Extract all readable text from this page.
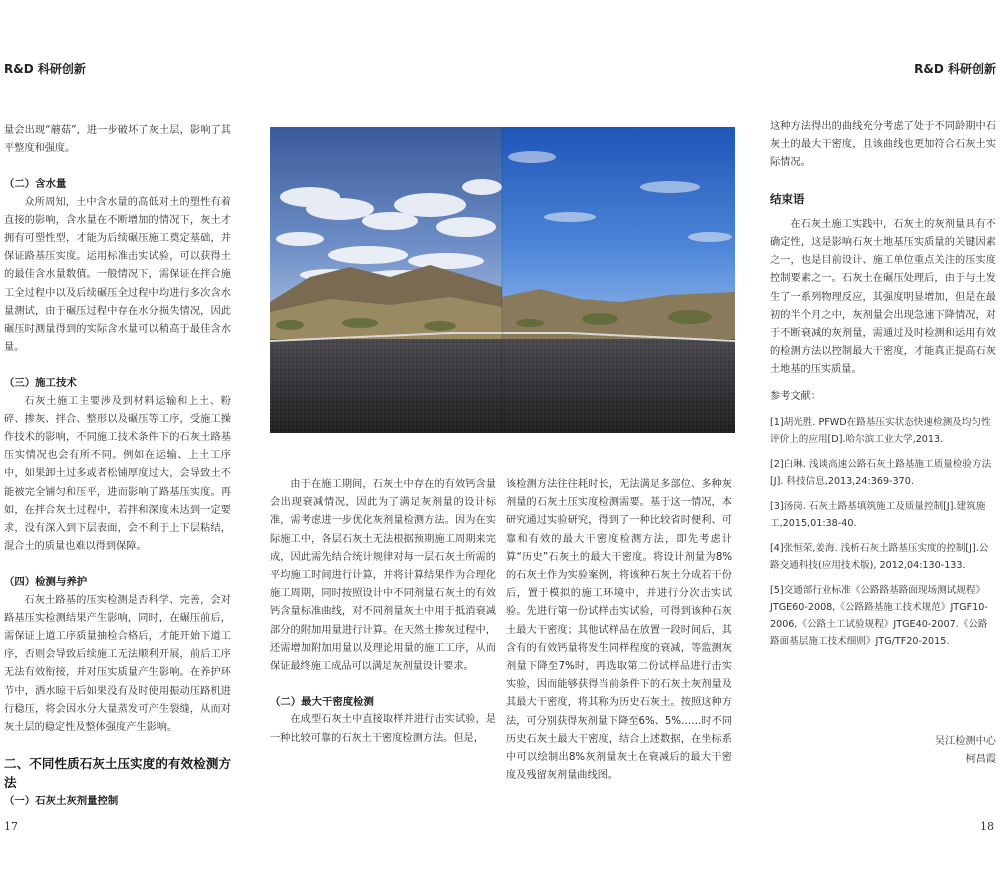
R&D 科研创新	R&D 科研创新

量会出现“蘑菇”，进一步破坏了灰土层，影响了其平整度和强度。

（二）含水量

众所周知，土中含水量的高低对土的塑性有着直接的影响，含水量在不断增加的情况下，灰土才拥有可塑性型，才能为后续碾压施工奠定基础，并保证路基压实度。运用标准击实试验，可以获得土的最佳含水量数值。一般情况下，需保证在拌合施工全过程中以及后续碾压全过程中均进行多次含水量测试，由于碾压过程中存在水分损失情况，因此碾压时测量得到的实际含水量可以稍高于最佳含水量。

（三）施工技术

石灰土施工主要涉及到材料运输和上土、粉碎、掺灰、拌合、整形以及碾压等工序，受施工操作技术的影响，不同施工技术条件下的石灰土路基压实情况也会有所不同。例如在运输、上土工序中，如果卸土过多或者松铺厚度过大，会导致土不能被完全铺匀和压平，进而影响了路基压实度。再如，在拌合灰土过程中，若拌和深度未达到一定要求，没有深入到下层表面，会不利于上下层粘结，混合土的质量也难以得到保障。

（四）检测与养护

石灰土路基的压实检测是否科学、完善，会对路基压实检测结果产生影响，同时，在碾压前后，需保证上道工序质量抽检合格后，才能开始下道工序，否则会导致后续施工无法顺利开展，前后工序无法有效衔接，并对压实质量产生影响。在养护环节中，洒水晾干后如果没有及时使用振动压路机进行稳压，将会因水分大量蒸发可产生裂缝，从而对灰土层的稳定性及整体强度产生影响。

二、不同性质石灰土压实度的有效检测方法

（一）石灰土灰剂量控制

由于在施工期间，石灰土中存在的有效钙含量会出现衰减情况，因此为了满足灰剂量的设计标准，需考虑进一步优化灰剂量检测方法。因为在实际施工中，各层石灰土无法根据预期施工周期来完成，因此需先结合统计规律对每一层石灰土所需的平均施工时间进行计算，并将计算结果作为合理化施工周期，同时按照设计中不同剂量石灰土的有效钙含量标准曲线，对不同剂量灰土中用于抵消衰减部分的附加用量进行计算。在天然土掺灰过程中，还需增加附加用量以及理论用量的施工工序，从而保证最终施工成品可以满足灰剂量设计要求。

（二）最大干密度检测

在成型石灰土中直接取样并进行击实试验，是一种比较可靠的石灰土干密度检测方法。但是，

该检测方法往往耗时长，无法满足多部位、多种灰剂量的石灰土压实度检测需要。基于这一情况，本研究通过实验研究，得到了一种比较省时便利、可靠和有效的最大干密度检测方法，即先考虑计算“历史”石灰土的最大干密度。将设计剂量为8%的石灰土作为实验案例，将该种石灰土分成若干份后，置于模拟的施工环境中，并进行分次击实试验。先进行第一份试样击实试验，可得到该种石灰土最大干密度；其他试样品在放置一段时间后，其含有的有效钙量将发生同样程度的衰减，等监测灰剂量下降至7%时，再选取第二份试样品进行击实实验，因而能够获得当前条件下的石灰土灰剂量及其最大干密度，将其称为历史石灰土。按照这种方法，可分别获得灰剂量下降至6%、5%……时不同历史石灰土最大干密度，结合上述数据，在坐标系中可以绘制出8%灰剂量灰土在衰减后的最大干密度及残留灰剂量曲线图。

这种方法得出的曲线充分考虑了处于不同龄期中石灰土的最大干密度，且该曲线也更加符合石灰土实际情况。

结束语

在石灰土施工实践中，石灰土的灰剂量具有不确定性，这是影响石灰土地基压实质量的关键因素之一，也是目前设计、施工单位重点关注的压实度控制要素之一。石灰土在碾压处理后，由于与土发生了一系列物理反应，其强度明显增加，但是在最初的半个月之中，灰剂量会出现急速下降情况，对于不断衰减的灰剂量，需通过及时检测和运用有效的检测方法以控制最大干密度，才能真正提高石灰土地基的压实质量。

参考文献：

[1]胡光胜. PFWD在路基压实状态快速检测及均匀性评价上的应用[D].哈尔滨工业大学,2013.

[2]白琳. 浅谈高速公路石灰土路基施工质量检验方法[J]. 科技信息,2013,24:369-370.

[3]汤岗. 石灰土路基填筑施工及质量控制[J].建筑施工,2015,01:38-40.

[4]张恒荣,姜海. 浅析石灰土路基压实度的控制[J].公路交通科技(应用技术版), 2012,04:130-133.

[5]交通部行业标准《公路路基路面现场测试规程》JTGE60-2008,《公路路基施工技术规范》JTGF10-2006,《公路土工试验规程》JTGE40-2007.《公路路面基层施工技术细则》JTG/TF20-2015.

吴江检测中心
柯昌霞
17	18
